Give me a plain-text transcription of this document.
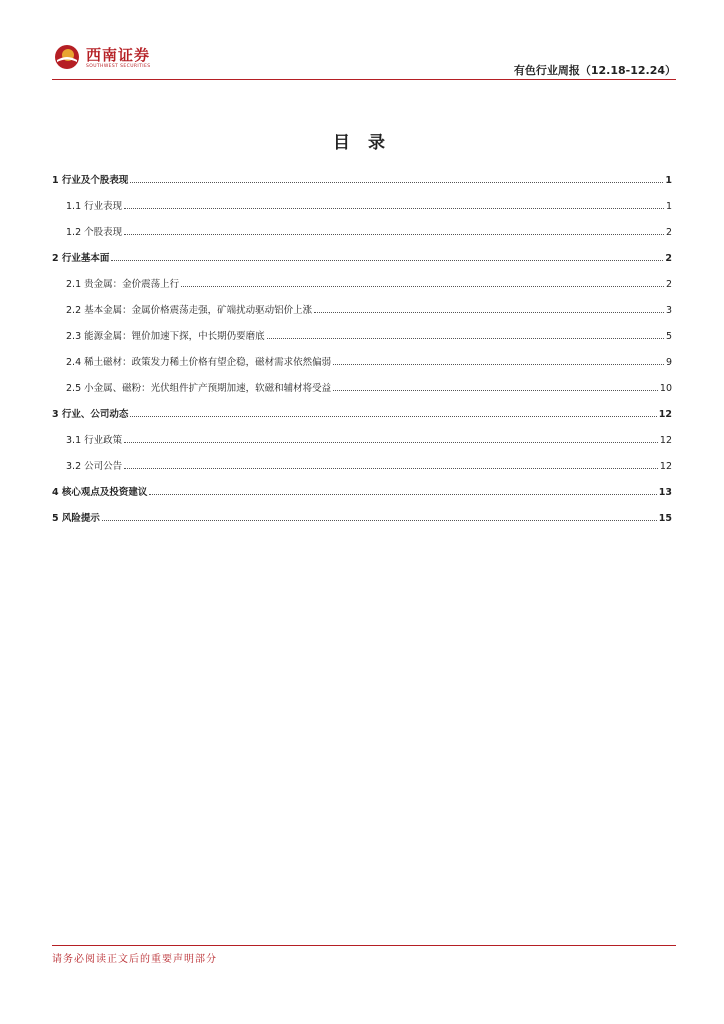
西南证券
SOUTHWEST SECURITIES	有色行业周报（12.18-12.24）
目 录
1 行业及个股表现	1
1.1 行业表现	1
1.2 个股表现	2
2 行业基本面	2
2.1 贵金属：金价震荡上行	2
2.2 基本金属：金属价格震荡走强，矿端扰动驱动铝价上涨	3
2.3 能源金属：锂价加速下探，中长期仍要磨底	5
2.4 稀土磁材：政策发力稀土价格有望企稳，磁材需求依然偏弱	9
2.5 小金属、磁粉：光伏组件扩产预期加速，软磁和辅材将受益	10
3 行业、公司动态	12
3.1 行业政策	12
3.2 公司公告	12
4 核心观点及投资建议	13
5 风险提示	15
请务必阅读正文后的重要声明部分
